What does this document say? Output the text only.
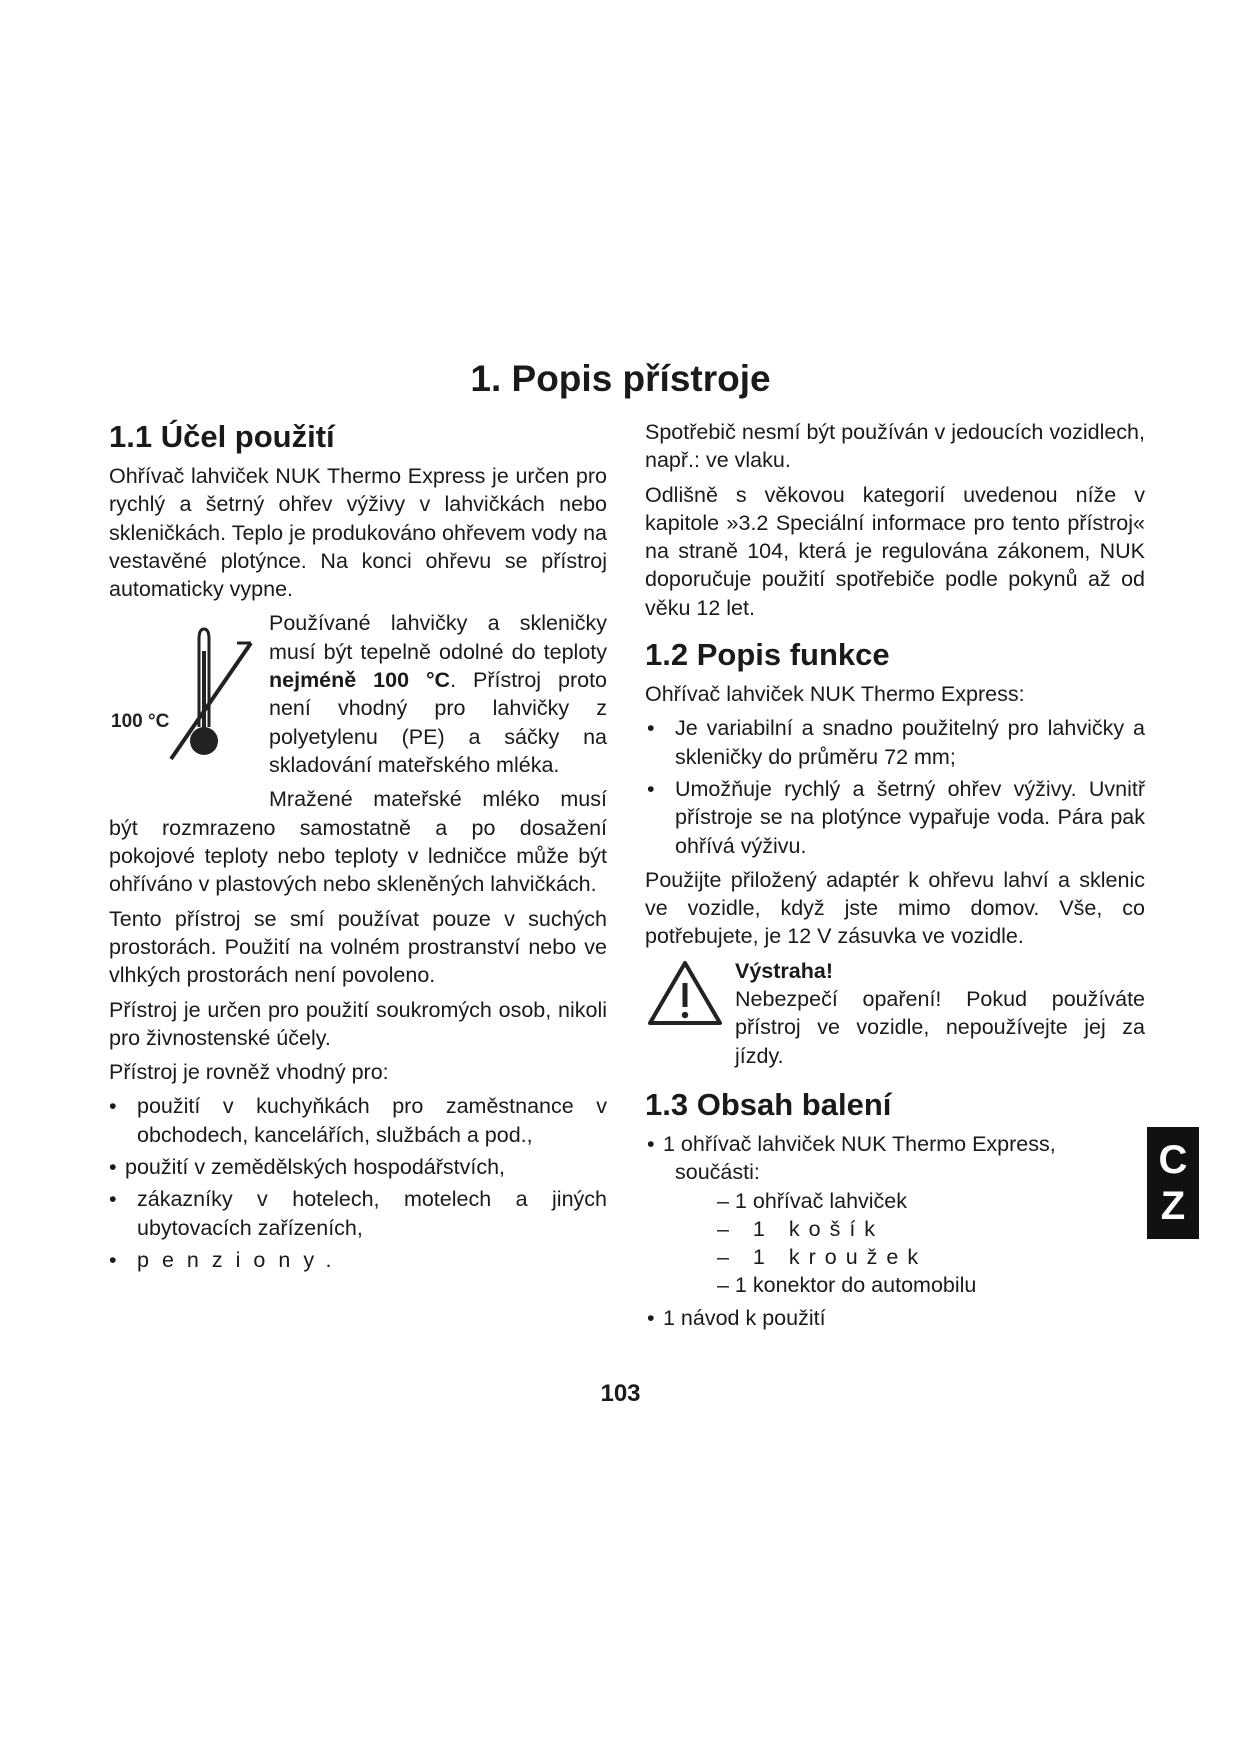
1. Popis přístroje
1.1 Účel použití

Ohřívač lahviček NUK Thermo Express je určen pro rychlý a šetrný ohřev výživy v lahvičkách nebo skleničkách. Teplo je produkováno ohřevem vody na vestavěné plotýnce. Na konci ohřevu se přístroj automaticky vypne.

100 °C
Používané lahvičky a skleničky musí být tepelně odolné do teploty nejméně 100 °C. Přístroj proto není vhodný pro lahvičky z polyetylenu (PE) a sáčky na skladování mateřského mléka.

Mražené mateřské mléko musí
být rozmrazeno samostatně a po dosažení pokojové teploty nebo teploty v ledničce může být ohříváno v plastových nebo skleněných lahvičkách.

Tento přístroj se smí používat pouze v suchých prostorách. Použití na volném prostranství nebo ve vlhkých prostorách není povoleno.

Přístroj je určen pro použití soukromých osob, nikoli pro živnostenské účely.

Přístroj je rovněž vhodný pro:

• použití v kuchyňkách pro zaměstnance v obchodech, kancelářích, službách a pod.,
• použití v zemědělských hospodářstvích,
• zákazníky v hotelech, motelech a jiných ubytovacích zařízeních,
• penziony.

Spotřebič nesmí být používán v jedoucích vozidlech, např.: ve vlaku.

Odlišně s věkovou kategorií uvedenou níže v kapitole »3.2 Speciální informace pro tento přístroj« na straně 104, která je regulována zákonem, NUK doporučuje použití spotřebiče podle pokynů až od věku 12 let.

1.2 Popis funkce

Ohřívač lahviček NUK Thermo Express:

• Je variabilní a snadno použitelný pro lahvičky a skleničky do průměru 72 mm;
• Umožňuje rychlý a šetrný ohřev výživy. Uvnitř přístroje se na plotýnce vypařuje voda. Pára pak ohřívá výživu.

Použijte přiložený adaptér k ohřevu lahví a sklenic ve vozidle, když jste mimo domov. Vše, co potřebujete, je 12 V zásuvka ve vozidle.

Výstraha!
Nebezpečí opaření! Pokud používáte přístroj ve vozidle, nepoužívejte jej za jízdy.
1.3 Obsah balení
• 1 ohřívač lahviček NUK Thermo Express,
součásti:
– 1 ohřívač lahviček
– 1 košík
– 1 kroužek
– 1 konektor do automobilu
• 1 návod k použití
103
C
Z
